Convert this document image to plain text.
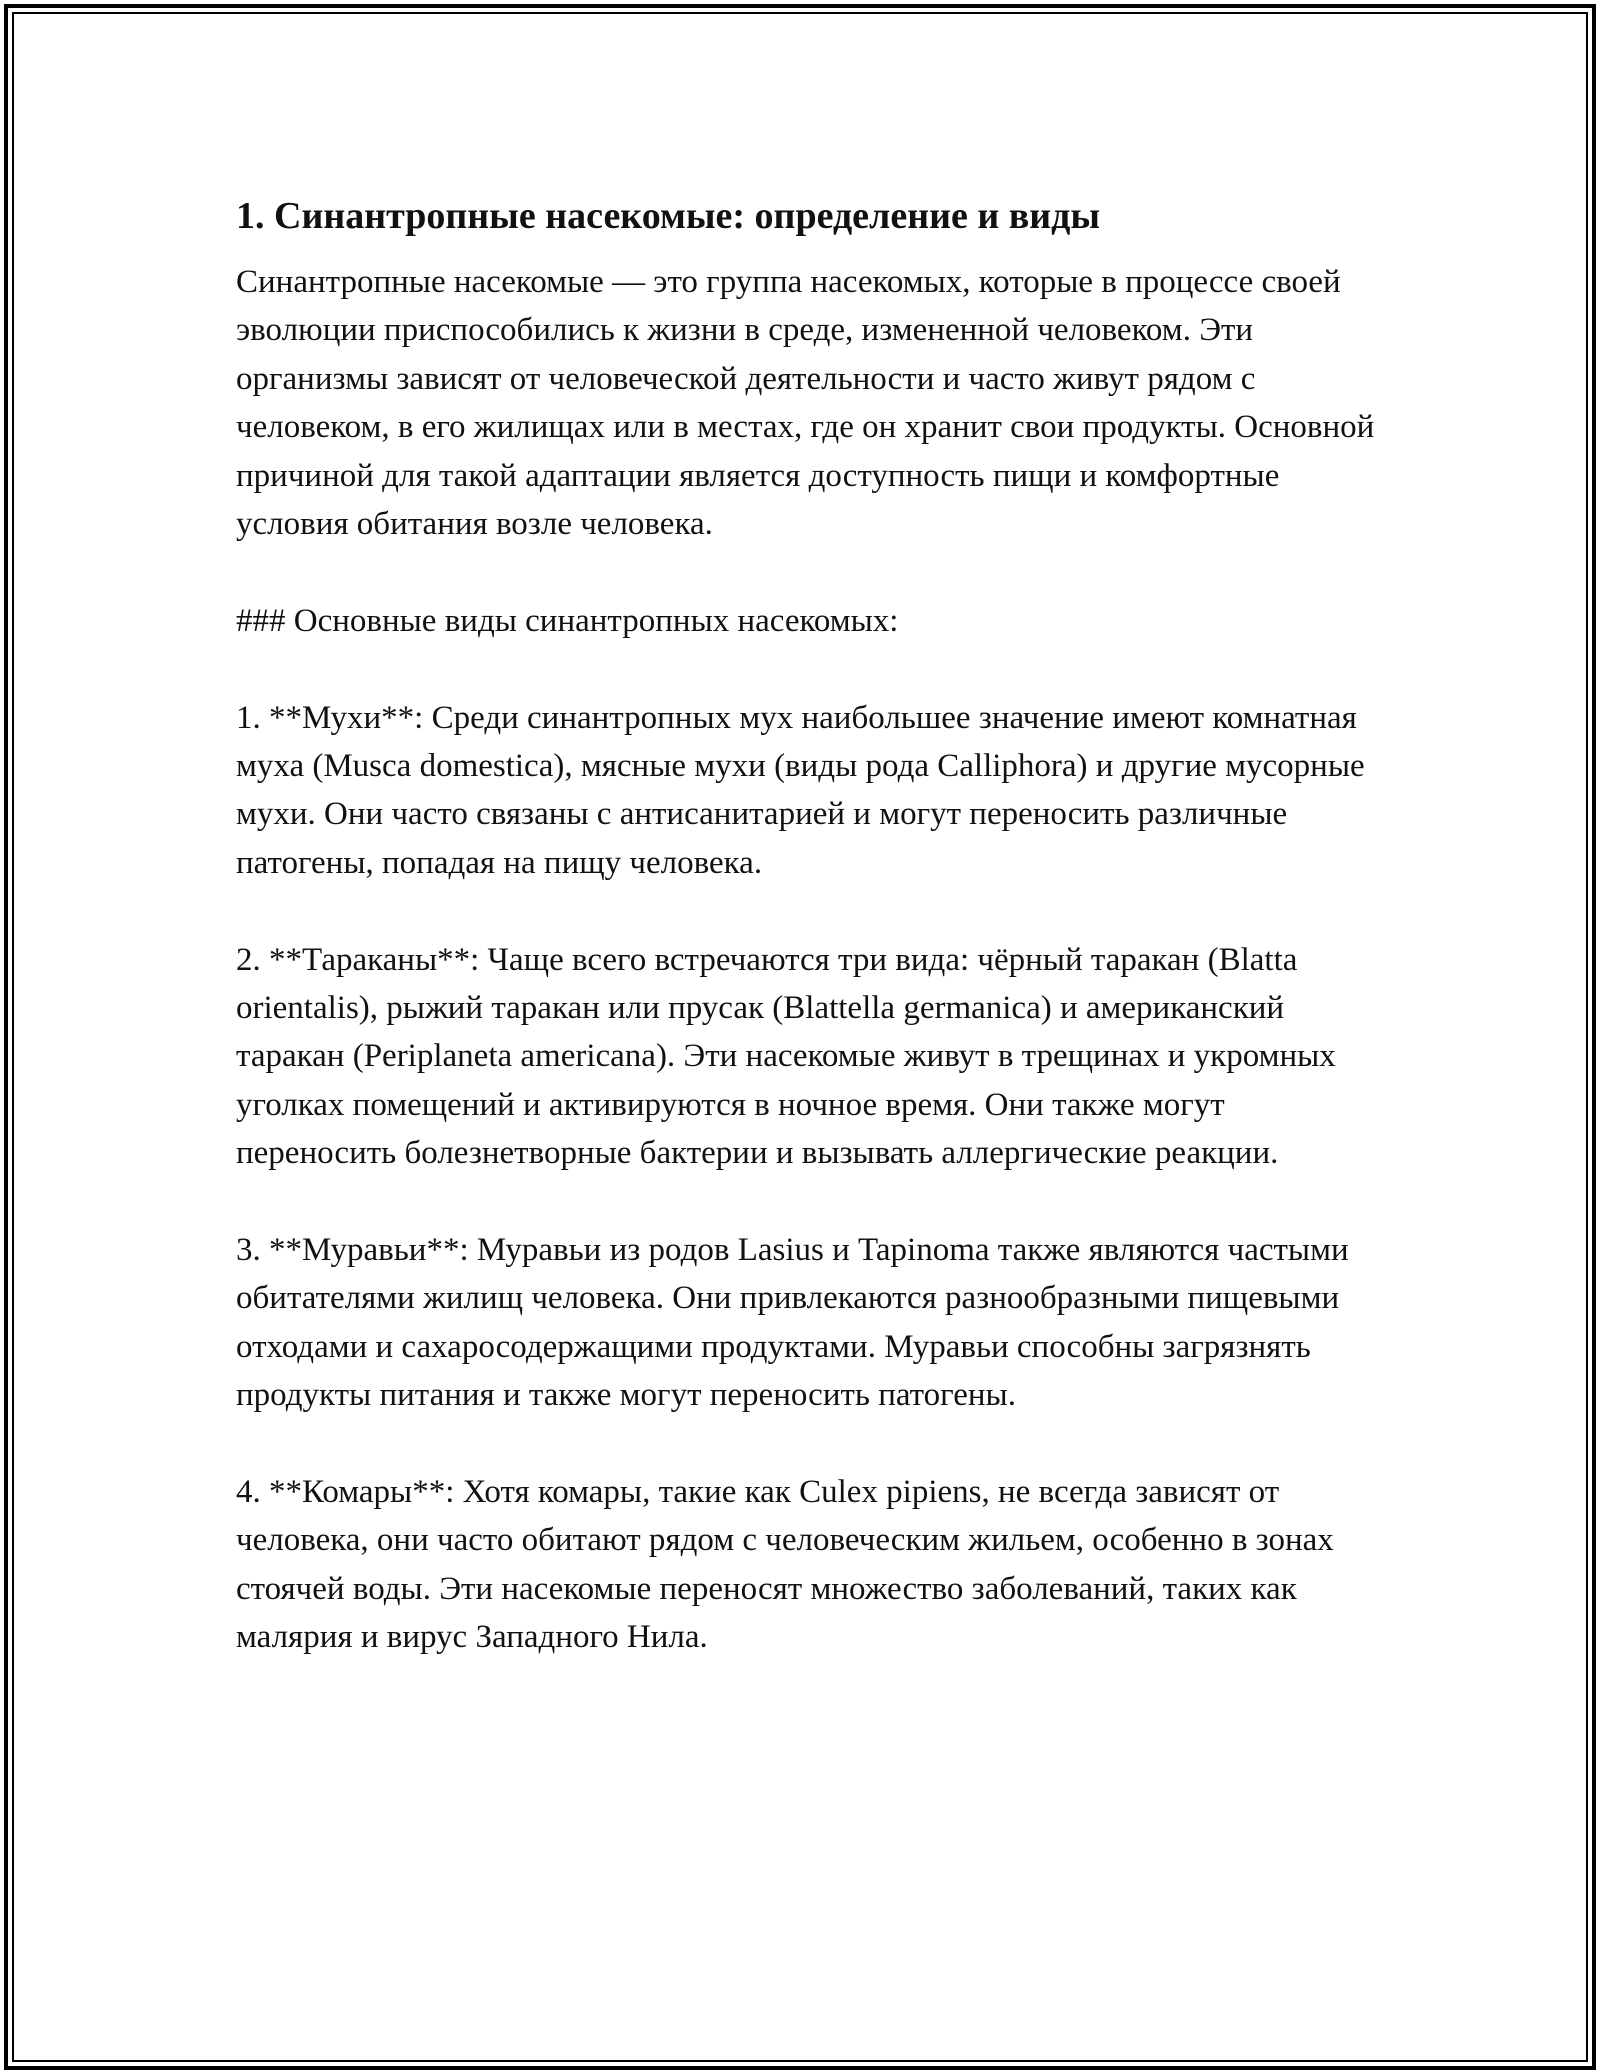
1. Синантропные насекомые: определение и виды

Синантропные насекомые — это группа насекомых, которые в процессе своей эволюции приспособились к жизни в среде, измененной человеком. Эти организмы зависят от человеческой деятельности и часто живут рядом с человеком, в его жилищах или в местах, где он хранит свои продукты. Основной причиной для такой адаптации является доступность пищи и комфортные условия обитания возле человека.

### Основные виды синантропных насекомых:

1. **Мухи**: Среди синантропных мух наибольшее значение имеют комнатная муха (Musca domestica), мясные мухи (виды рода Calliphora) и другие мусорные мухи. Они часто связаны с антисанитарией и могут переносить различные патогены, попадая на пищу человека.

2. **Тараканы**: Чаще всего встречаются три вида: чёрный таракан (Blatta orientalis), рыжий таракан или прусак (Blattella germanica) и американский таракан (Periplaneta americana). Эти насекомые живут в трещинах и укромных уголках помещений и активируются в ночное время. Они также могут переносить болезнетворные бактерии и вызывать аллергические реакции.

3. **Муравьи**: Муравьи из родов Lasius и Tapinoma также являются частыми обитателями жилищ человека. Они привлекаются разнообразными пищевыми отходами и сахаросодержащими продуктами. Муравьи способны загрязнять продукты питания и также могут переносить патогены.

4. **Комары**: Хотя комары, такие как Culex pipiens, не всегда зависят от человека, они часто обитают рядом с человеческим жильем, особенно в зонах стоячей воды. Эти насекомые переносят множество заболеваний, таких как малярия и вирус Западного Нила.
